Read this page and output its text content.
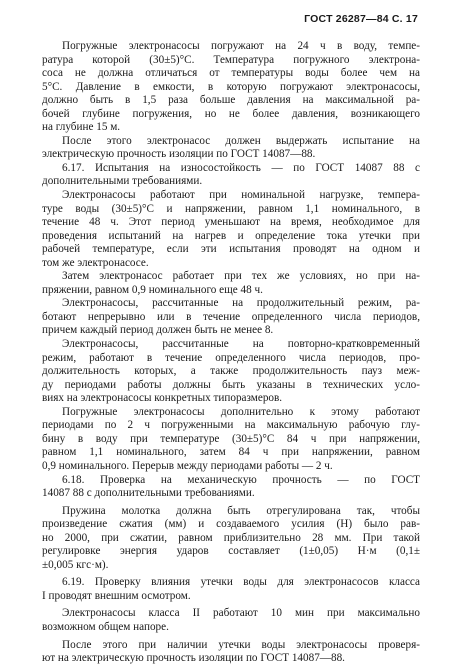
ГОСТ 26287—84 С. 17
Погружные электронасосы погружают на 24 ч в воду, темпе-
ратура которой (30±5)°С. Температура погружного электрона-
соса не должна отличаться от температуры воды более чем на
5°С. Давление в емкости, в которую погружают электронасосы,
должно быть в 1,5 раза больше давления на максимальной ра-
бочей глубине погружения, но не более давления, возникающего
на глубине 15 м.
После этого электронасос должен выдержать испытание на
электрическую прочность изоляции по ГОСТ 14087—88.
6.17. Испытания на износостойкость — по ГОСТ 14087 88 с
дополнительными требованиями.
Электронасосы работают при номинальной нагрузке, темпера-
туре воды (30±5)°С и напряжении, равном 1,1 номинального, в
течение 48 ч. Этот период уменьшают на время, необходимое для
проведения испытаний на нагрев и определение тока утечки при
рабочей температуре, если эти испытания проводят на одном и
том же электронасосе.
Затем электронасос работает при тех же условиях, но при на-
пряжении, равном 0,9 номинального еще 48 ч.
Электронасосы, рассчитанные на продолжительный режим, ра-
ботают непрерывно или в течение определенного числа периодов,
причем каждый период должен быть не менее 8.
Электронасосы, рассчитанные на повторно-кратковременный
режим, работают в течение определенного числа периодов, про-
должительность которых, а также продолжительность пауз меж-
ду периодами работы должны быть указаны в технических усло-
виях на электронасосы конкретных типоразмеров.
Погружные электронасосы дополнительно к этому работают
периодами по 2 ч погруженными на максимальную рабочую глу-
бину в воду при температуре (30±5)°С 84 ч при напряжении,
равном 1,1 номинального, затем 84 ч при напряжении, равном
0,9 номинального. Перерыв между периодами работы — 2 ч.
6.18. Проверка на механическую прочность — по ГОСТ
14087 88 с дополнительными требованиями.
Пружина молотка должна быть отрегулирована так, чтобы
произведение сжатия (мм) и создаваемого усилия (Н) было рав-
но 2000, при сжатии, равном приблизительно 28 мм. При такой
регулировке энергия ударов составляет (1±0,05) Н·м (0,1±
±0,005 кгс·м).
6.19. Проверку влияния утечки воды для электронасосов класса
I проводят внешним осмотром.
Электронасосы класса II работают 10 мин при максимально
возможном общем напоре.
После этого при наличии утечки воды электронасосы проверя-
ют на электрическую прочность изоляции по ГОСТ 14087—88.
